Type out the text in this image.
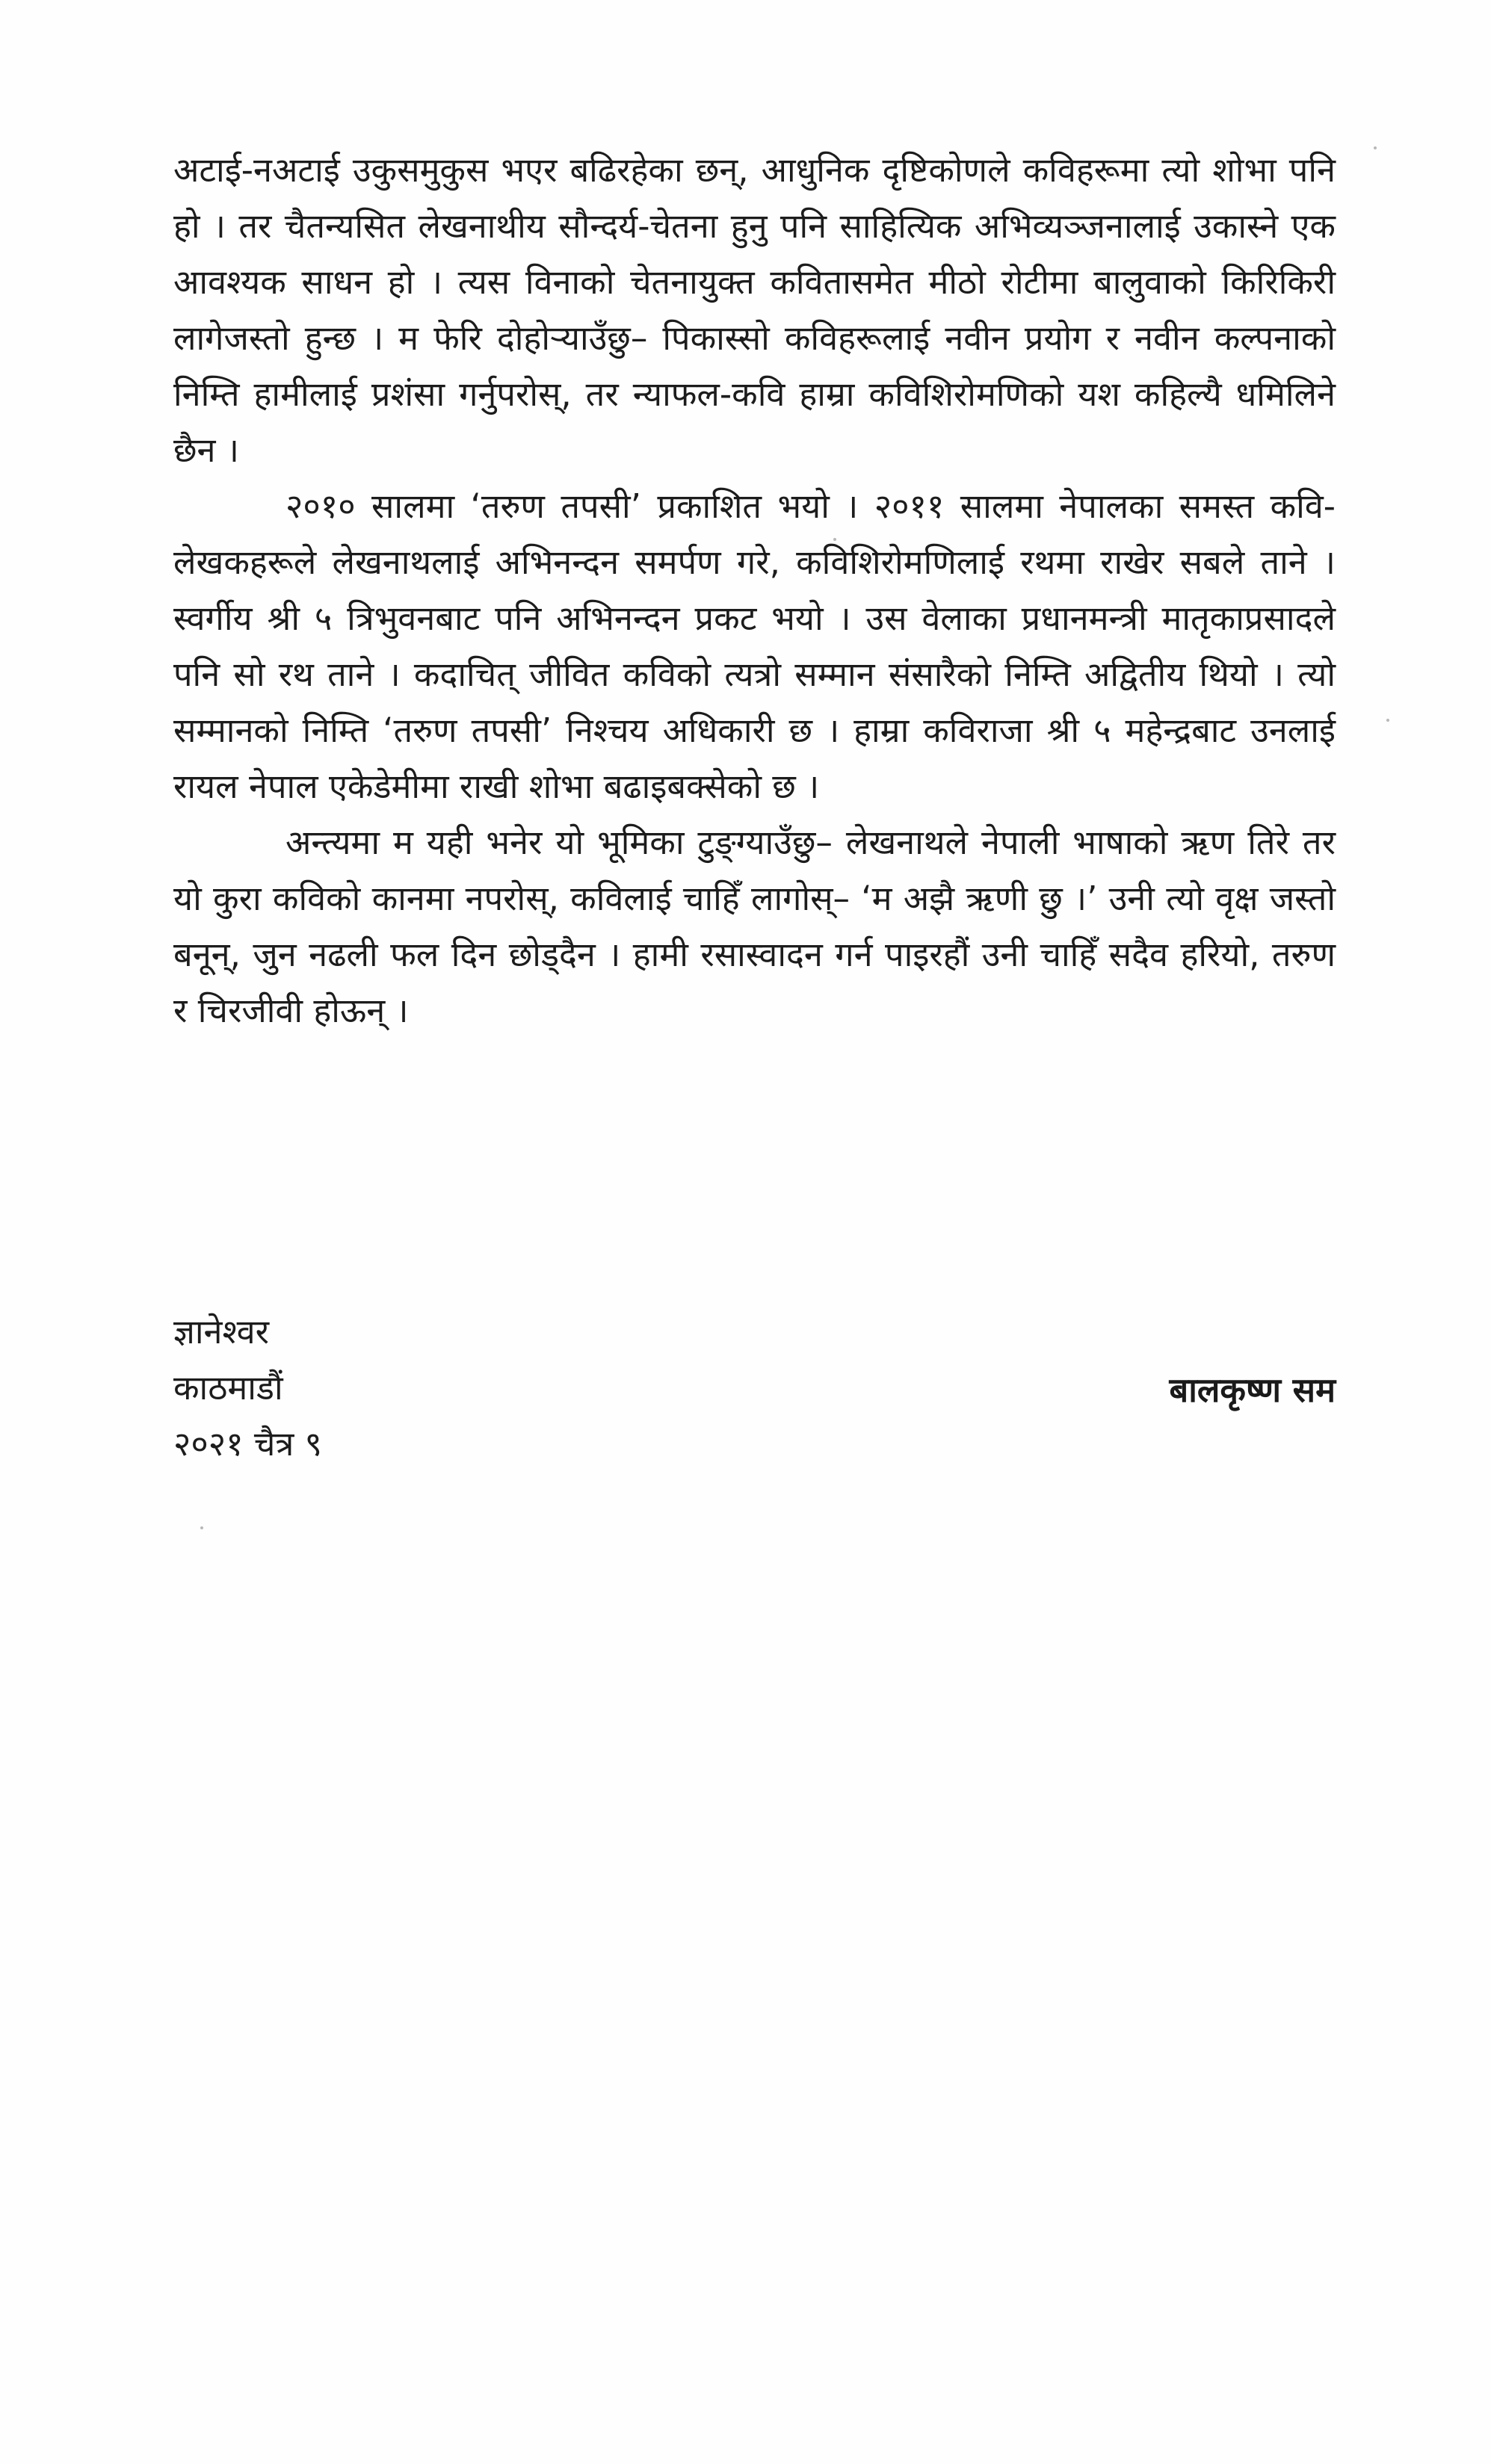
अटाई-नअटाई उकुसमुकुस भएर बढिरहेका छन्, आधुनिक दृष्टिकोणले कविहरूमा त्यो शोभा पनि हो । तर चैतन्यसित लेखनाथीय सौन्दर्य-चेतना हुनु पनि साहित्यिक अभिव्यञ्जनालाई उकास्ने एक आवश्यक साधन हो । त्यस विनाको चेतनायुक्त कवितासमेत मीठो रोटीमा बालुवाको किरिकिरी लागेजस्तो हुन्छ । म फेरि दोहोऱ्याउँछु– पिकास्सो कविहरूलाई नवीन प्रयोग र नवीन कल्पनाको निम्ति हामीलाई प्रशंसा गर्नुपरोस्, तर न्याफल-कवि हाम्रा कविशिरोमणिको यश कहिल्यै धमिलिने छैन ।

२०१० सालमा ‘तरुण तपसी’ प्रकाशित भयो । २०११ सालमा नेपालका समस्त कवि-लेखकहरूले लेखनाथलाई अभिनन्दन समर्पण गरे, कविशिरोमणिलाई रथमा राखेर सबले ताने । स्वर्गीय श्री ५ त्रिभुवनबाट पनि अभिनन्दन प्रकट भयो । उस वेलाका प्रधानमन्त्री मातृकाप्रसादले पनि सो रथ ताने । कदाचित् जीवित कविको त्यत्रो सम्मान संसारैको निम्ति अद्वितीय थियो । त्यो सम्मानको निम्ति ‘तरुण तपसी’ निश्चय अधिकारी छ । हाम्रा कविराजा श्री ५ महेन्द्रबाट उनलाई रायल नेपाल एकेडेमीमा राखी शोभा बढाइबक्सेको छ ।

अन्त्यमा म यही भनेर यो भूमिका टुङ्ग्याउँछु– लेखनाथले नेपाली भाषाको ऋण तिरे तर यो कुरा कविको कानमा नपरोस्, कविलाई चाहिँ लागोस्– ‘म अझै ऋणी छु ।’ उनी त्यो वृक्ष जस्तो बनून्, जुन नढली फल दिन छोड्दैन । हामी रसास्वादन गर्न पाइरहौं उनी चाहिँ सदैव हरियो, तरुण र चिरजीवी होऊन् ।

ज्ञानेश्वर

काठमाडौं

२०२१ चैत्र ९

बालकृष्ण सम
